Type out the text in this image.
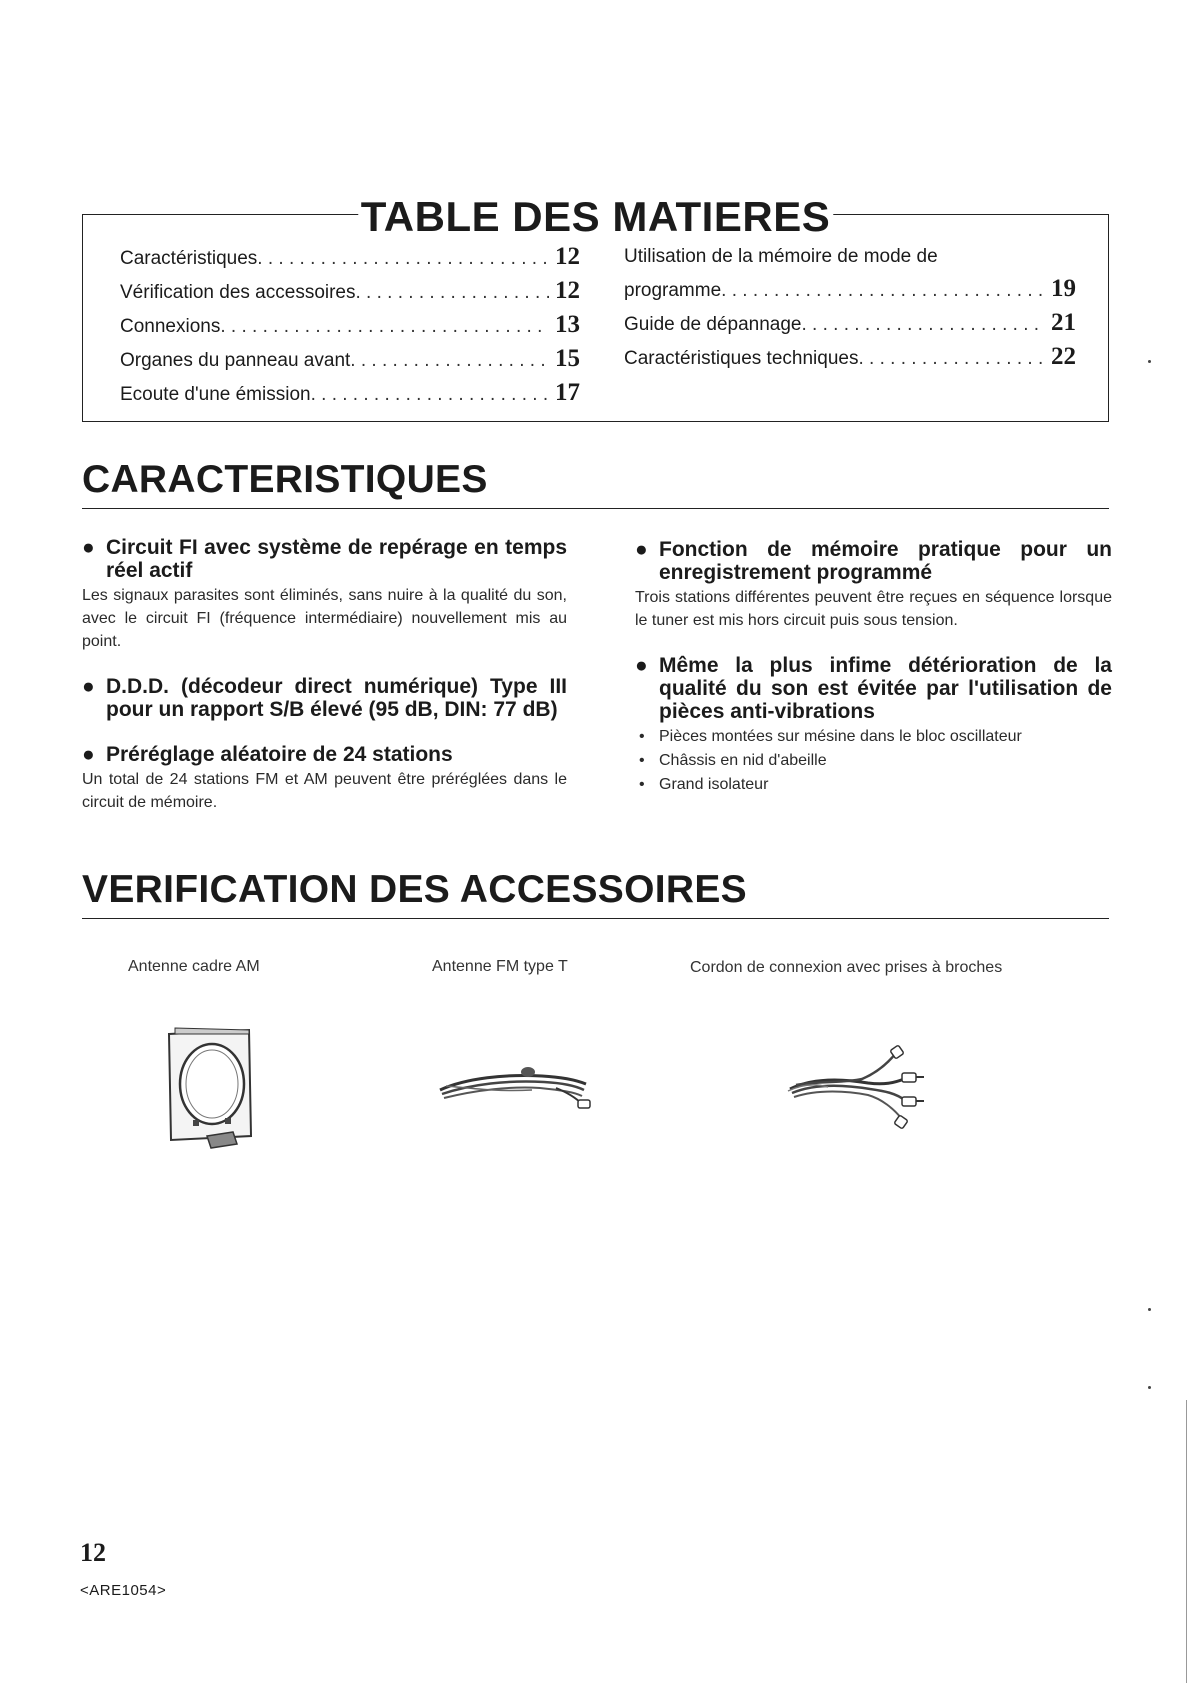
TABLE DES MATIERES
Caractéristiques . . .	12
Vérification des accessoires . . .	12
Connexions . . .	13
Organes du panneau avant . . .	15
Ecoute d'une émission . . .	17
Utilisation de la mémoire de mode de
programme . . .	19
Guide de dépannage . . .	21
Caractéristiques techniques . . .	22
CARACTERISTIQUES
● Circuit FI avec système de repérage en temps réel actif
Les signaux parasites sont éliminés, sans nuire à la qualité du son, avec le circuit FI (fréquence intermédiaire) nouvellement mis au point.
● D.D.D. (décodeur direct numérique) Type III pour un rapport S/B élevé (95 dB, DIN: 77 dB)
● Préréglage aléatoire de 24 stations
Un total de 24 stations FM et AM peuvent être préréglées dans le circuit de mémoire.
● Fonction de mémoire pratique pour un enregistrement programmé
Trois stations différentes peuvent être reçues en séquence lorsque le tuner est mis hors circuit puis sous tension.
● Même la plus infime détérioration de la qualité du son est évitée par l'utilisation de pièces anti-vibrations
• Pièces montées sur mésine dans le bloc oscillateur
• Châssis en nid d'abeille
• Grand isolateur
VERIFICATION DES ACCESSOIRES
Antenne cadre AM	Antenne FM type T	Cordon de connexion avec prises à broches
12
<ARE1054>
